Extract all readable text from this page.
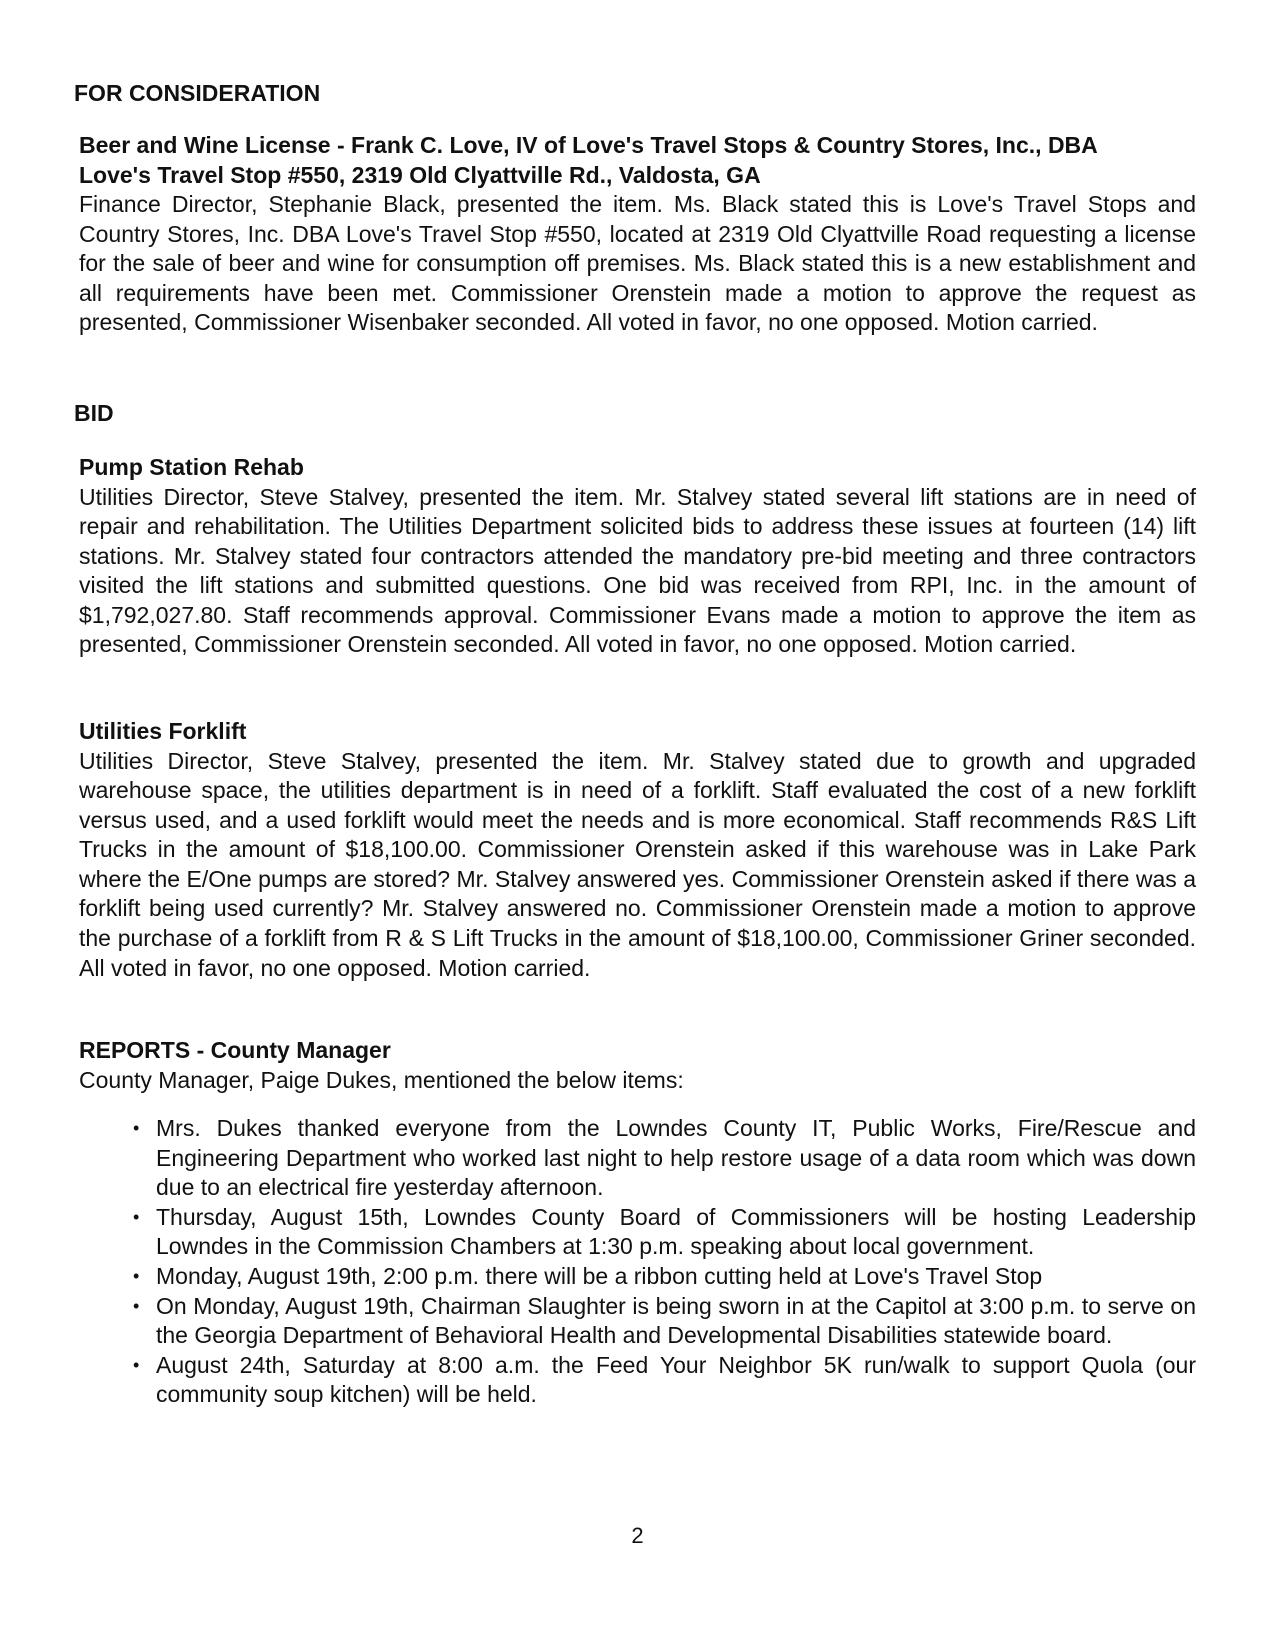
FOR CONSIDERATION
Beer and Wine License - Frank C. Love, IV of Love's Travel Stops & Country Stores, Inc., DBA
Love's Travel Stop #550, 2319 Old Clyattville Rd., Valdosta, GA

Finance Director, Stephanie Black, presented the item. Ms. Black stated this is Love's Travel Stops and Country Stores, Inc. DBA Love's Travel Stop #550, located at 2319 Old Clyattville Road requesting a license for the sale of beer and wine for consumption off premises. Ms. Black stated this is a new establishment and all requirements have been met. Commissioner Orenstein made a motion to approve the request as presented, Commissioner Wisenbaker seconded. All voted in favor, no one opposed. Motion carried.

BID
Pump Station Rehab

Utilities Director, Steve Stalvey, presented the item. Mr. Stalvey stated several lift stations are in need of repair and rehabilitation. The Utilities Department solicited bids to address these issues at fourteen (14) lift stations. Mr. Stalvey stated four contractors attended the mandatory pre-bid meeting and three contractors visited the lift stations and submitted questions. One bid was received from RPI, Inc. in the amount of $1,792,027.80. Staff recommends approval. Commissioner Evans made a motion to approve the item as presented, Commissioner Orenstein seconded. All voted in favor, no one opposed. Motion carried.

Utilities Forklift

Utilities Director, Steve Stalvey, presented the item. Mr. Stalvey stated due to growth and upgraded warehouse space, the utilities department is in need of a forklift. Staff evaluated the cost of a new forklift versus used, and a used forklift would meet the needs and is more economical. Staff recommends R&S Lift Trucks in the amount of $18,100.00. Commissioner Orenstein asked if this warehouse was in Lake Park where the E/One pumps are stored? Mr. Stalvey answered yes. Commissioner Orenstein asked if there was a forklift being used currently? Mr. Stalvey answered no. Commissioner Orenstein made a motion to approve the purchase of a forklift from R & S Lift Trucks in the amount of $18,100.00, Commissioner Griner seconded. All voted in favor, no one opposed. Motion carried.

REPORTS - County Manager

County Manager, Paige Dukes, mentioned the below items:

• Mrs. Dukes thanked everyone from the Lowndes County IT, Public Works, Fire/Rescue and Engineering Department who worked last night to help restore usage of a data room which was down due to an electrical fire yesterday afternoon.
• Thursday, August 15th, Lowndes County Board of Commissioners will be hosting Leadership Lowndes in the Commission Chambers at 1:30 p.m. speaking about local government.
• Monday, August 19th, 2:00 p.m. there will be a ribbon cutting held at Love's Travel Stop
• On Monday, August 19th, Chairman Slaughter is being sworn in at the Capitol at 3:00 p.m. to serve on the Georgia Department of Behavioral Health and Developmental Disabilities statewide board.
• August 24th, Saturday at 8:00 a.m. the Feed Your Neighbor 5K run/walk to support Quola (our community soup kitchen) will be held.
2
